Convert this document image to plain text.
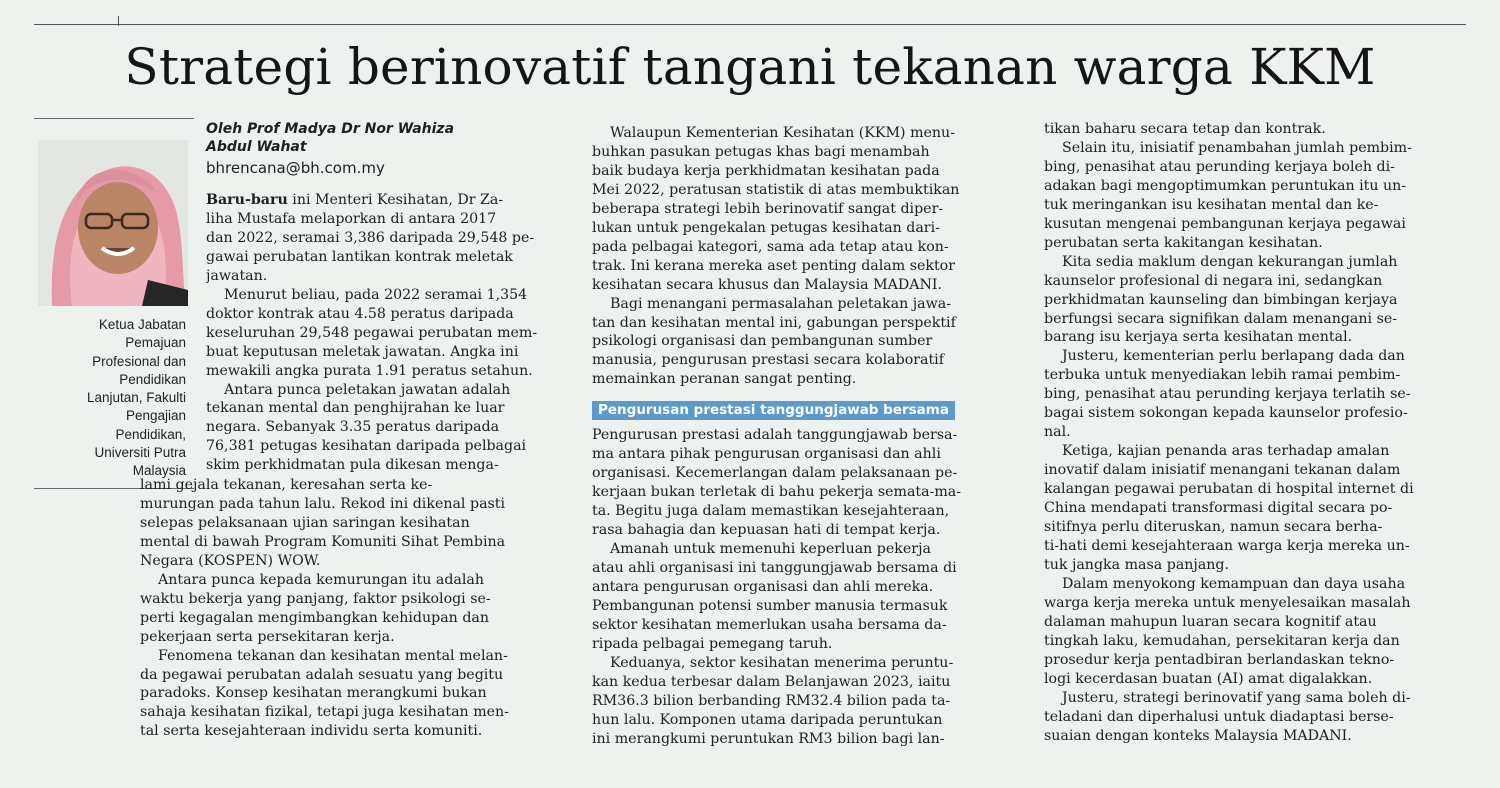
Strategi berinovatif tangani tekanan warga KKM
Ketua Jabatan
Pemajuan
Profesional dan
Pendidikan
Lanjutan, Fakulti
Pengajian
Pendidikan,
Universiti Putra
Malaysia
Oleh Prof Madya Dr Nor Wahiza
Abdul Wahat
bhrencana@bh.com.my
Baru-baru ini Menteri Kesihatan, Dr Za-
liha Mustafa melaporkan di antara 2017
dan 2022, seramai 3,386 daripada 29,548 pe-
gawai perubatan lantikan kontrak meletak
jawatan.
Menurut beliau, pada 2022 seramai 1,354
doktor kontrak atau 4.58 peratus daripada
keseluruhan 29,548 pegawai perubatan mem-
buat keputusan meletak jawatan. Angka ini
mewakili angka purata 1.91 peratus setahun.
Antara punca peletakan jawatan adalah
tekanan mental dan penghijrahan ke luar
negara. Sebanyak 3.35 peratus daripada
76,381 petugas kesihatan daripada pelbagai
skim perkhidmatan pula dikesan menga-
lami gejala tekanan, keresahan serta ke-
murungan pada tahun lalu. Rekod ini dikenal pasti
selepas pelaksanaan ujian saringan kesihatan
mental di bawah Program Komuniti Sihat Pembina
Negara (KOSPEN) WOW.
Antara punca kepada kemurungan itu adalah
waktu bekerja yang panjang, faktor psikologi se-
perti kegagalan mengimbangkan kehidupan dan
pekerjaan serta persekitaran kerja.
Fenomena tekanan dan kesihatan mental melan-
da pegawai perubatan adalah sesuatu yang begitu
paradoks. Konsep kesihatan merangkumi bukan
sahaja kesihatan fizikal, tetapi juga kesihatan men-
tal serta kesejahteraan individu serta komuniti.
Walaupun Kementerian Kesihatan (KKM) menu-
buhkan pasukan petugas khas bagi menambah
baik budaya kerja perkhidmatan kesihatan pada
Mei 2022, peratusan statistik di atas membuktikan
beberapa strategi lebih berinovatif sangat diper-
lukan untuk pengekalan petugas kesihatan dari-
pada pelbagai kategori, sama ada tetap atau kon-
trak. Ini kerana mereka aset penting dalam sektor
kesihatan secara khusus dan Malaysia MADANI.
Bagi menangani permasalahan peletakan jawa-
tan dan kesihatan mental ini, gabungan perspektif
psikologi organisasi dan pembangunan sumber
manusia, pengurusan prestasi secara kolaboratif
memainkan peranan sangat penting.
Pengurusan prestasi tanggungjawab bersama
Pengurusan prestasi adalah tanggungjawab bersa-
ma antara pihak pengurusan organisasi dan ahli
organisasi. Kecemerlangan dalam pelaksanaan pe-
kerjaan bukan terletak di bahu pekerja semata-ma-
ta. Begitu juga dalam memastikan kesejahteraan,
rasa bahagia dan kepuasan hati di tempat kerja.
Amanah untuk memenuhi keperluan pekerja
atau ahli organisasi ini tanggungjawab bersama di
antara pengurusan organisasi dan ahli mereka.
Pembangunan potensi sumber manusia termasuk
sektor kesihatan memerlukan usaha bersama da-
ripada pelbagai pemegang taruh.
Keduanya, sektor kesihatan menerima peruntu-
kan kedua terbesar dalam Belanjawan 2023, iaitu
RM36.3 bilion berbanding RM32.4 bilion pada ta-
hun lalu. Komponen utama daripada peruntukan
ini merangkumi peruntukan RM3 bilion bagi lan-
tikan baharu secara tetap dan kontrak.
Selain itu, inisiatif penambahan jumlah pembim-
bing, penasihat atau perunding kerjaya boleh di-
adakan bagi mengoptimumkan peruntukan itu un-
tuk meringankan isu kesihatan mental dan ke-
kusutan mengenai pembangunan kerjaya pegawai
perubatan serta kakitangan kesihatan.
Kita sedia maklum dengan kekurangan jumlah
kaunselor profesional di negara ini, sedangkan
perkhidmatan kaunseling dan bimbingan kerjaya
berfungsi secara signifikan dalam menangani se-
barang isu kerjaya serta kesihatan mental.
Justeru, kementerian perlu berlapang dada dan
terbuka untuk menyediakan lebih ramai pembim-
bing, penasihat atau perunding kerjaya terlatih se-
bagai sistem sokongan kepada kaunselor profesio-
nal.
Ketiga, kajian penanda aras terhadap amalan
inovatif dalam inisiatif menangani tekanan dalam
kalangan pegawai perubatan di hospital internet di
China mendapati transformasi digital secara po-
sitifnya perlu diteruskan, namun secara berha-
ti-hati demi kesejahteraan warga kerja mereka un-
tuk jangka masa panjang.
Dalam menyokong kemampuan dan daya usaha
warga kerja mereka untuk menyelesaikan masalah
dalaman mahupun luaran secara kognitif atau
tingkah laku, kemudahan, persekitaran kerja dan
prosedur kerja pentadbiran berlandaskan tekno-
logi kecerdasan buatan (AI) amat digalakkan.
Justeru, strategi berinovatif yang sama boleh di-
teladani dan diperhalusi untuk diadaptasi berse-
suaian dengan konteks Malaysia MADANI.
